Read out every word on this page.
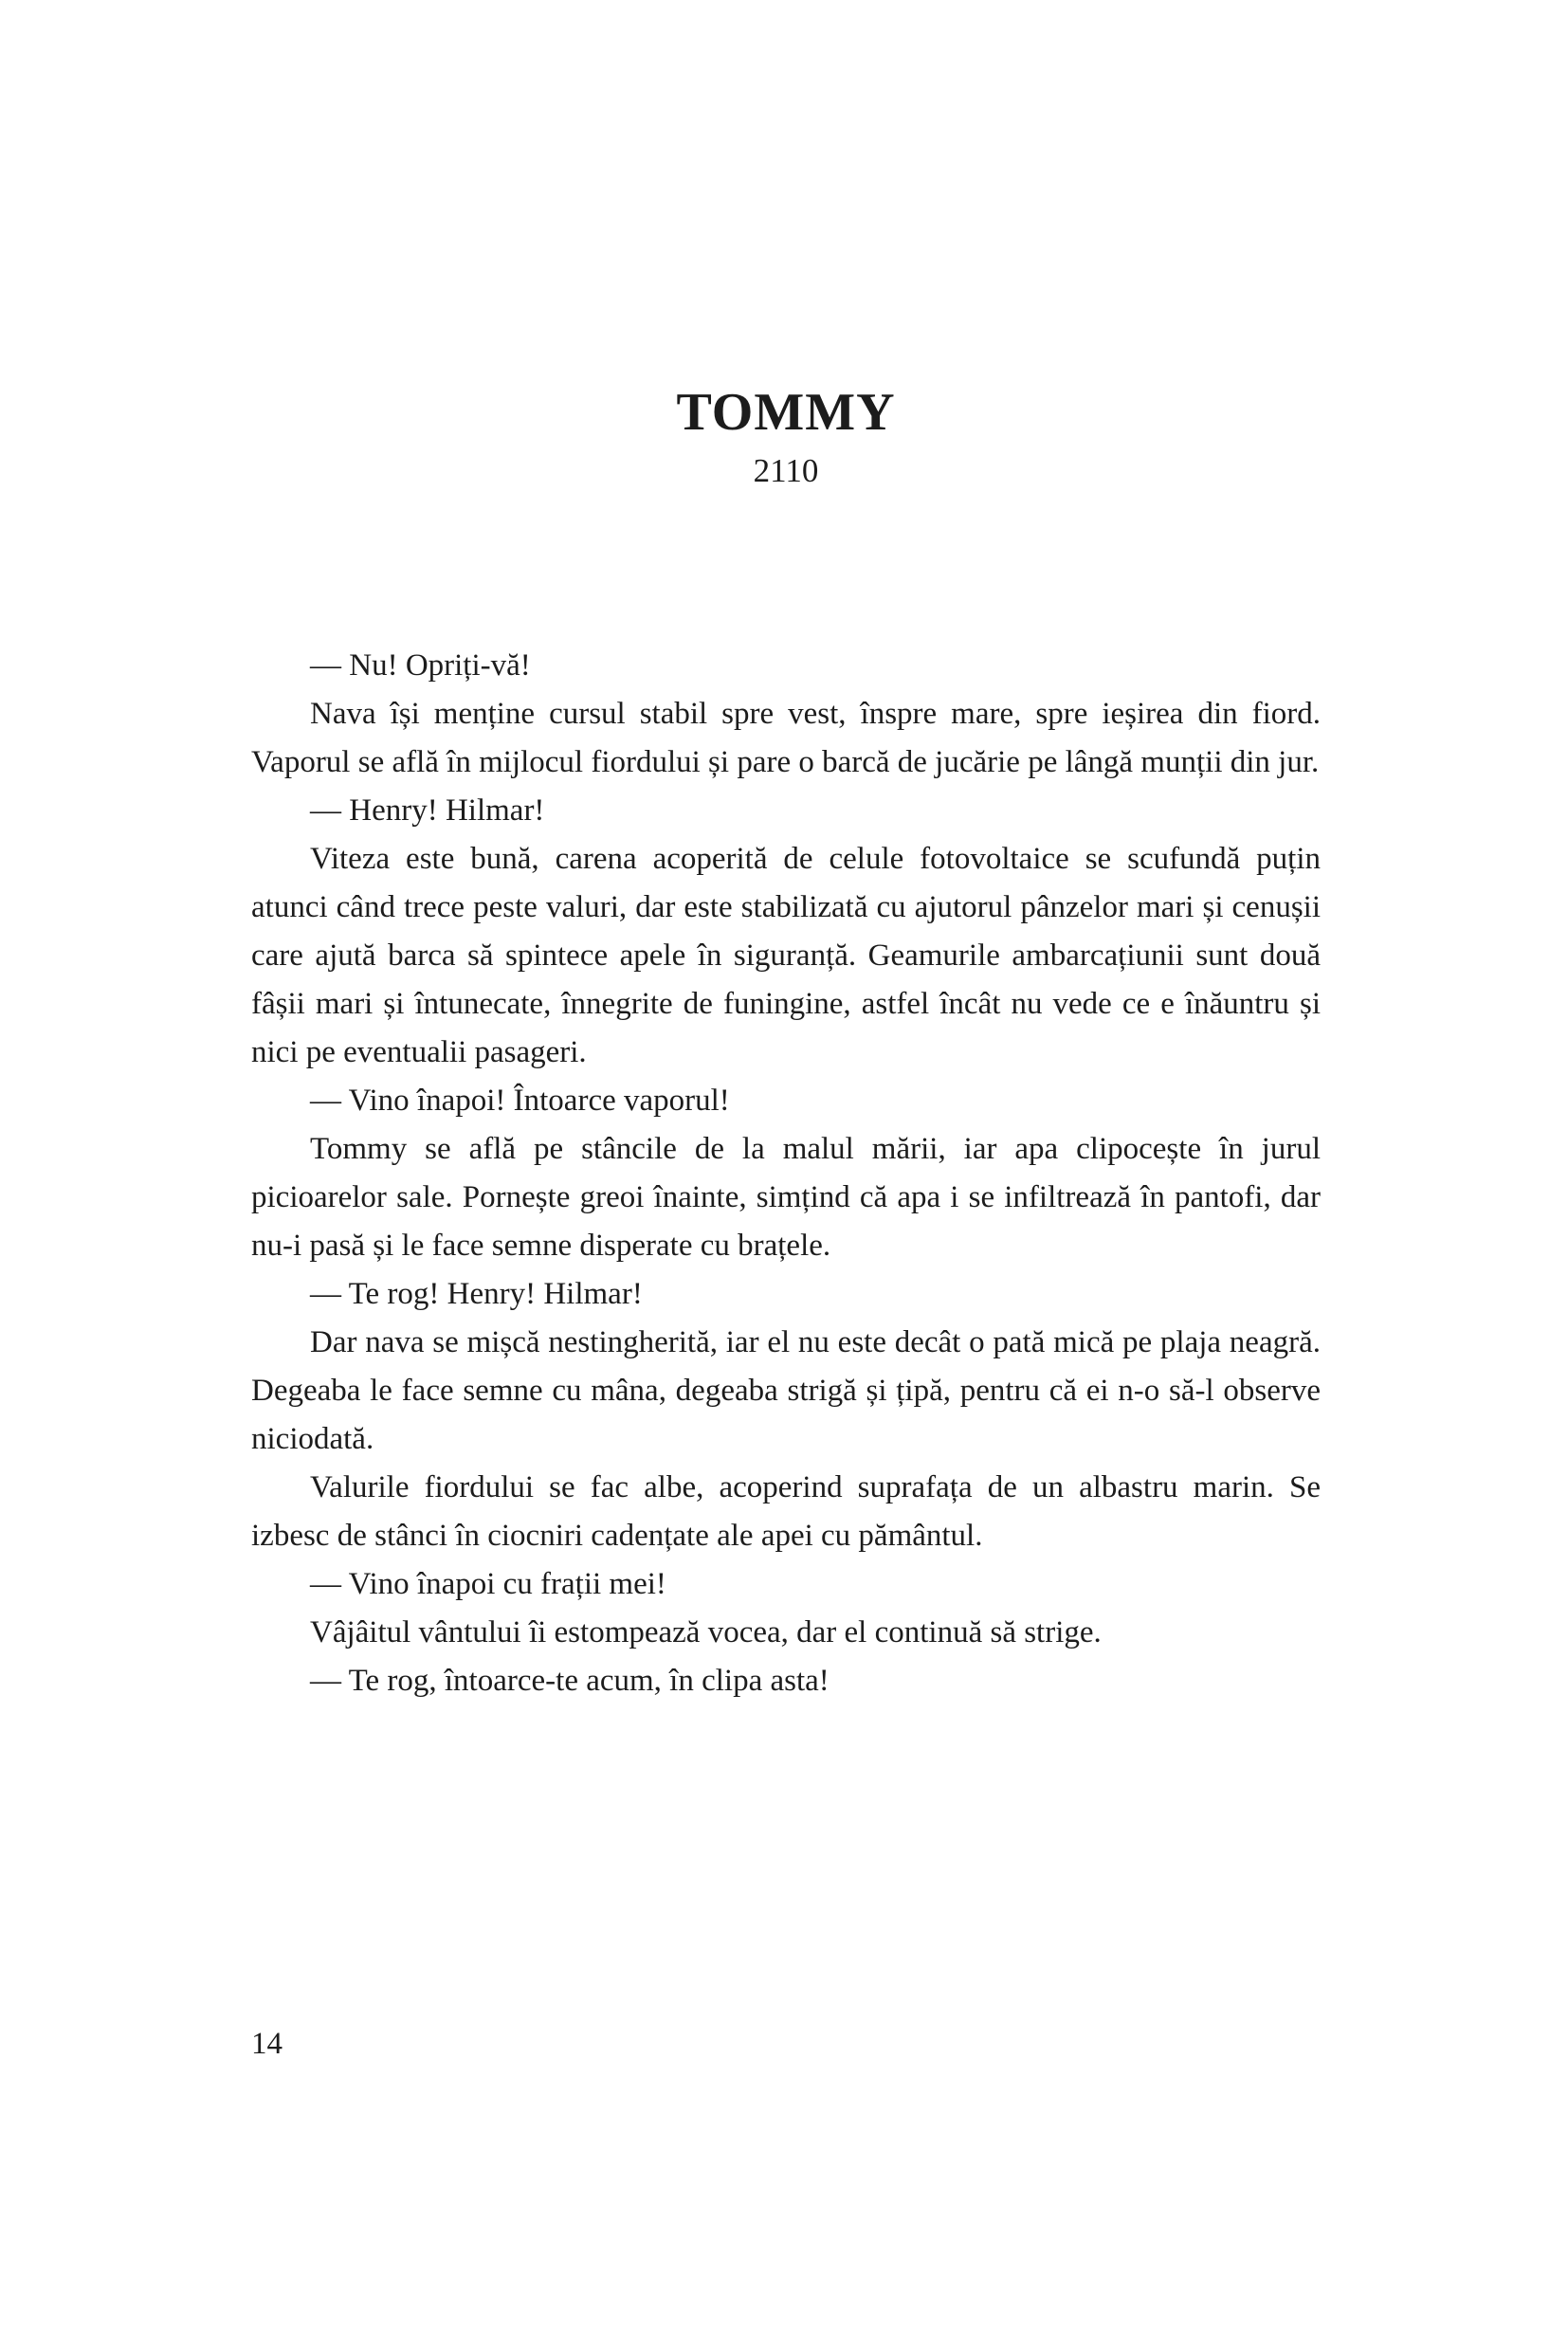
TOMMY
2110

— Nu! Opriți-vă!

Nava își menține cursul stabil spre vest, înspre mare, spre ieșirea din fiord. Vaporul se află în mijlocul fiordului și pare o barcă de jucărie pe lângă munții din jur.

— Henry! Hilmar!

Viteza este bună, carena acoperită de celule fotovoltaice se scufundă puțin atunci când trece peste valuri, dar este stabilizată cu ajutorul pânzelor mari și cenușii care ajută barca să spintece apele în siguranță. Geamurile ambarcațiunii sunt două fâșii mari și întunecate, înnegrite de funingine, astfel încât nu vede ce e înăuntru și nici pe eventualii pasageri.

— Vino înapoi! Întoarce vaporul!

Tommy se află pe stâncile de la malul mării, iar apa clipocește în jurul picioarelor sale. Pornește greoi înainte, simțind că apa i se infiltrează în pantofi, dar nu-i pasă și le face semne disperate cu brațele.

— Te rog! Henry! Hilmar!

Dar nava se mișcă nestingherită, iar el nu este decât o pată mică pe plaja neagră. Degeaba le face semne cu mâna, degeaba strigă și țipă, pentru că ei n-o să-l observe niciodată.

Valurile fiordului se fac albe, acoperind suprafața de un albastru marin. Se izbesc de stânci în ciocniri cadențate ale apei cu pământul.

— Vino înapoi cu frații mei!

Vâjâitul vântului îi estompează vocea, dar el continuă să strige.

— Te rog, întoarce-te acum, în clipa asta!

14
